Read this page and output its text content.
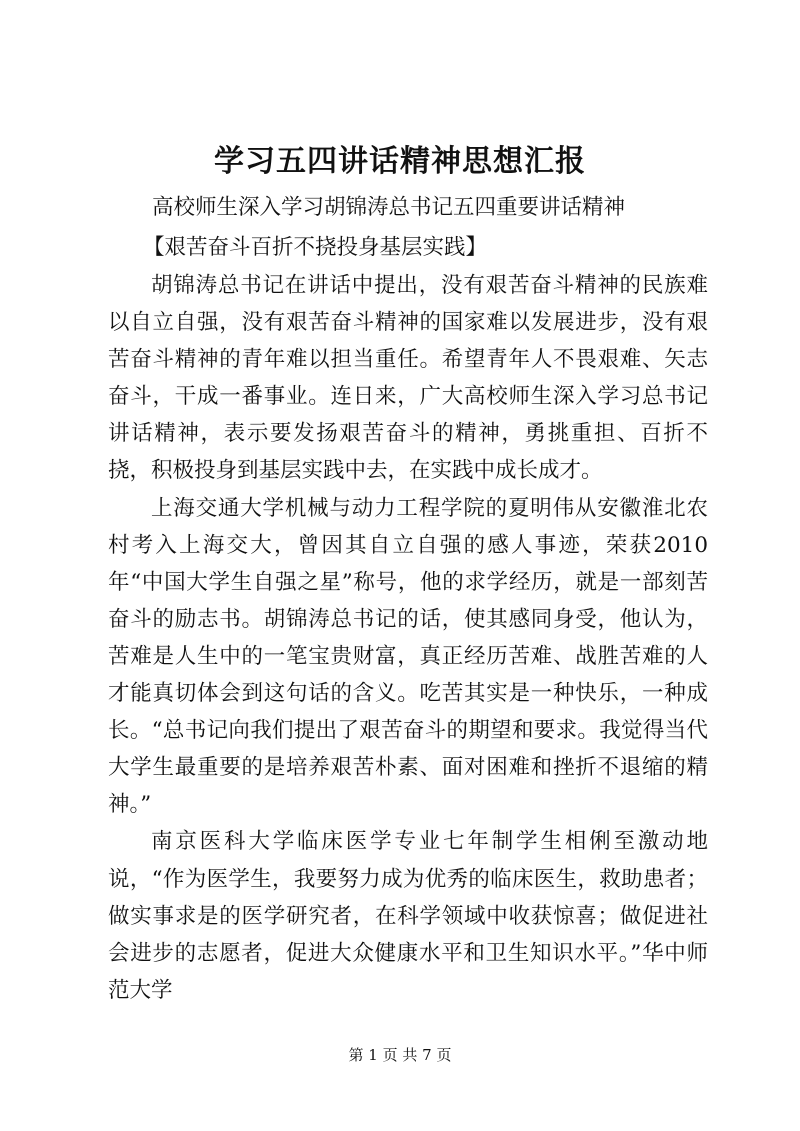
学习五四讲话精神思想汇报

高校师生深入学习胡锦涛总书记五四重要讲话精神

【艰苦奋斗百折不挠投身基层实践】

胡锦涛总书记在讲话中提出，没有艰苦奋斗精神的民族难以自立自强，没有艰苦奋斗精神的国家难以发展进步，没有艰苦奋斗精神的青年难以担当重任。希望青年人不畏艰难、矢志奋斗，干成一番事业。连日来，广大高校师生深入学习总书记讲话精神，表示要发扬艰苦奋斗的精神，勇挑重担、百折不挠，积极投身到基层实践中去，在实践中成长成才。

上海交通大学机械与动力工程学院的夏明伟从安徽淮北农村考入上海交大，曾因其自立自强的感人事迹，荣获2010年“中国大学生自强之星”称号，他的求学经历，就是一部刻苦奋斗的励志书。胡锦涛总书记的话，使其感同身受，他认为，苦难是人生中的一笔宝贵财富，真正经历苦难、战胜苦难的人才能真切体会到这句话的含义。吃苦其实是一种快乐，一种成长。“总书记向我们提出了艰苦奋斗的期望和要求。我觉得当代大学生最重要的是培养艰苦朴素、面对困难和挫折不退缩的精神。”

南京医科大学临床医学专业七年制学生相俐至激动地说，“作为医学生，我要努力成为优秀的临床医生，救助患者；做实事求是的医学研究者，在科学领域中收获惊喜；做促进社会进步的志愿者，促进大众健康水平和卫生知识水平。”华中师范大学

第 1 页 共 7 页
